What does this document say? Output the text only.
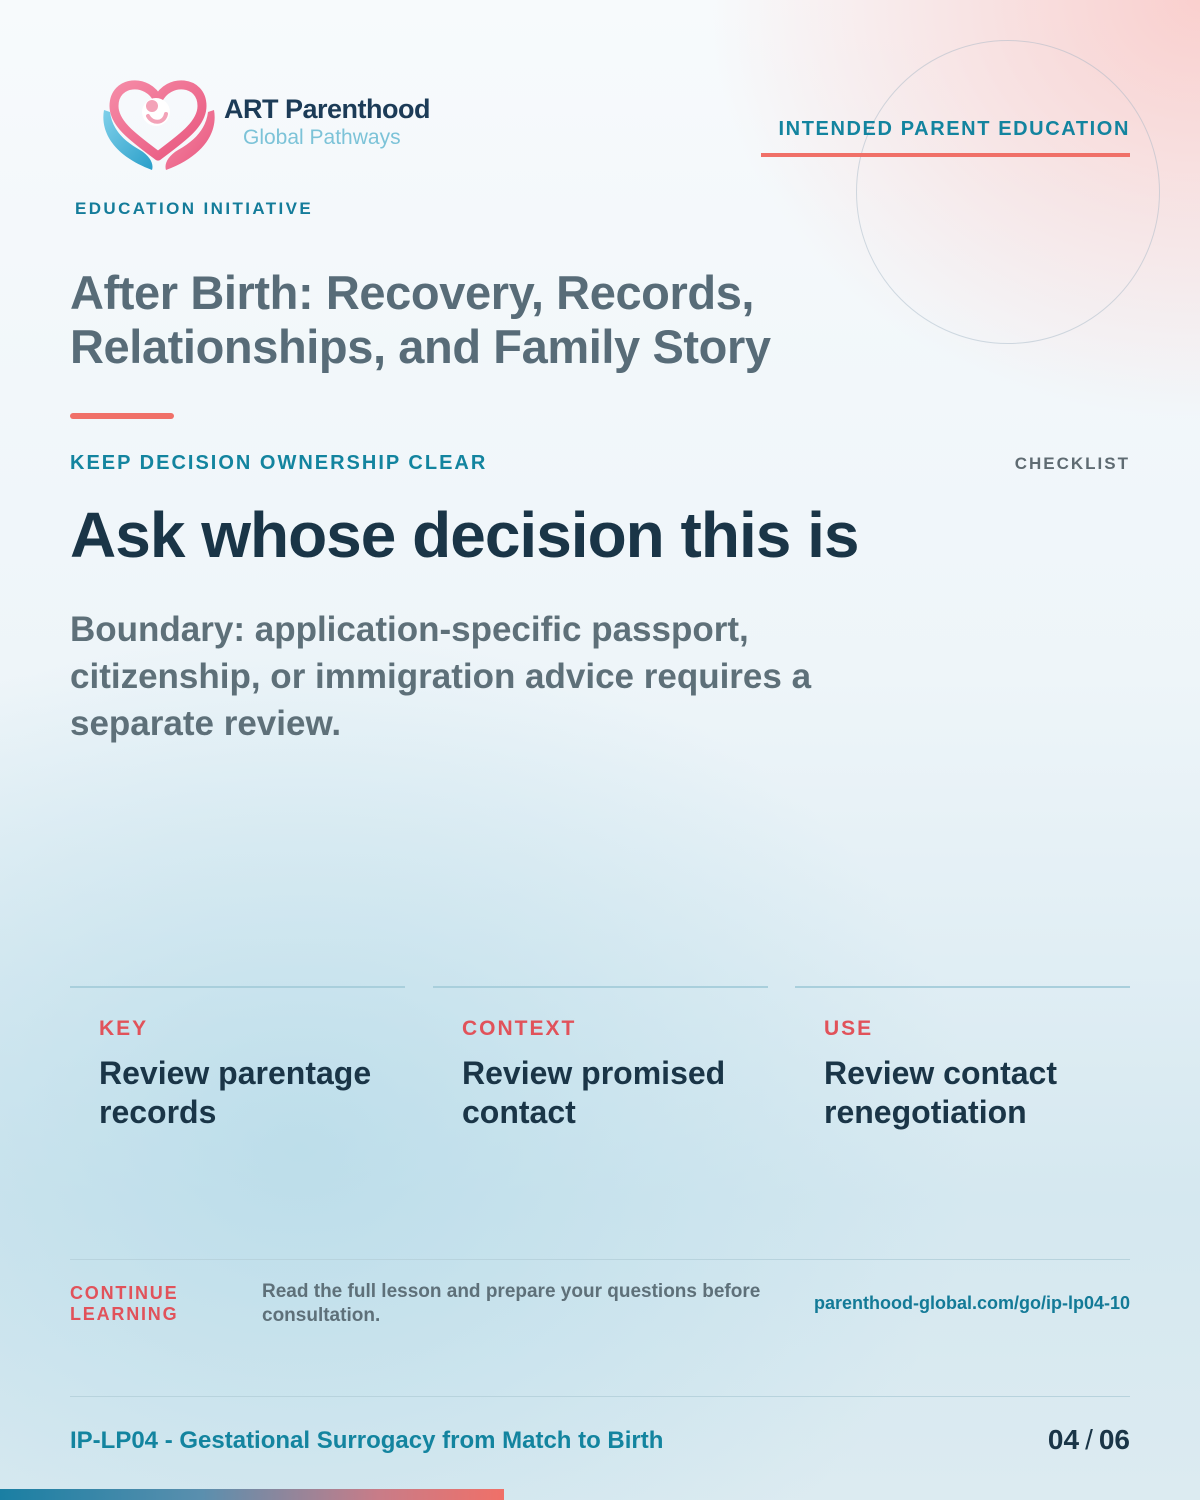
ART Parenthood
Global Pathways
EDUCATION INITIATIVE
INTENDED PARENT EDUCATION
After Birth: Recovery, Records, Relationships, and Family Story
KEEP DECISION OWNERSHIP CLEAR	CHECKLIST
Ask whose decision this is

Boundary: application-specific passport, citizenship, or immigration advice requires a separate review.

KEY
Review parentage records
CONTEXT
Review promised contact
USE
Review contact renegotiation
CONTINUE LEARNING
Read the full lesson and prepare your questions before consultation.
parenthood-global.com/go/ip-lp04-10
IP-LP04 - Gestational Surrogacy from Match to Birth	04 / 06
